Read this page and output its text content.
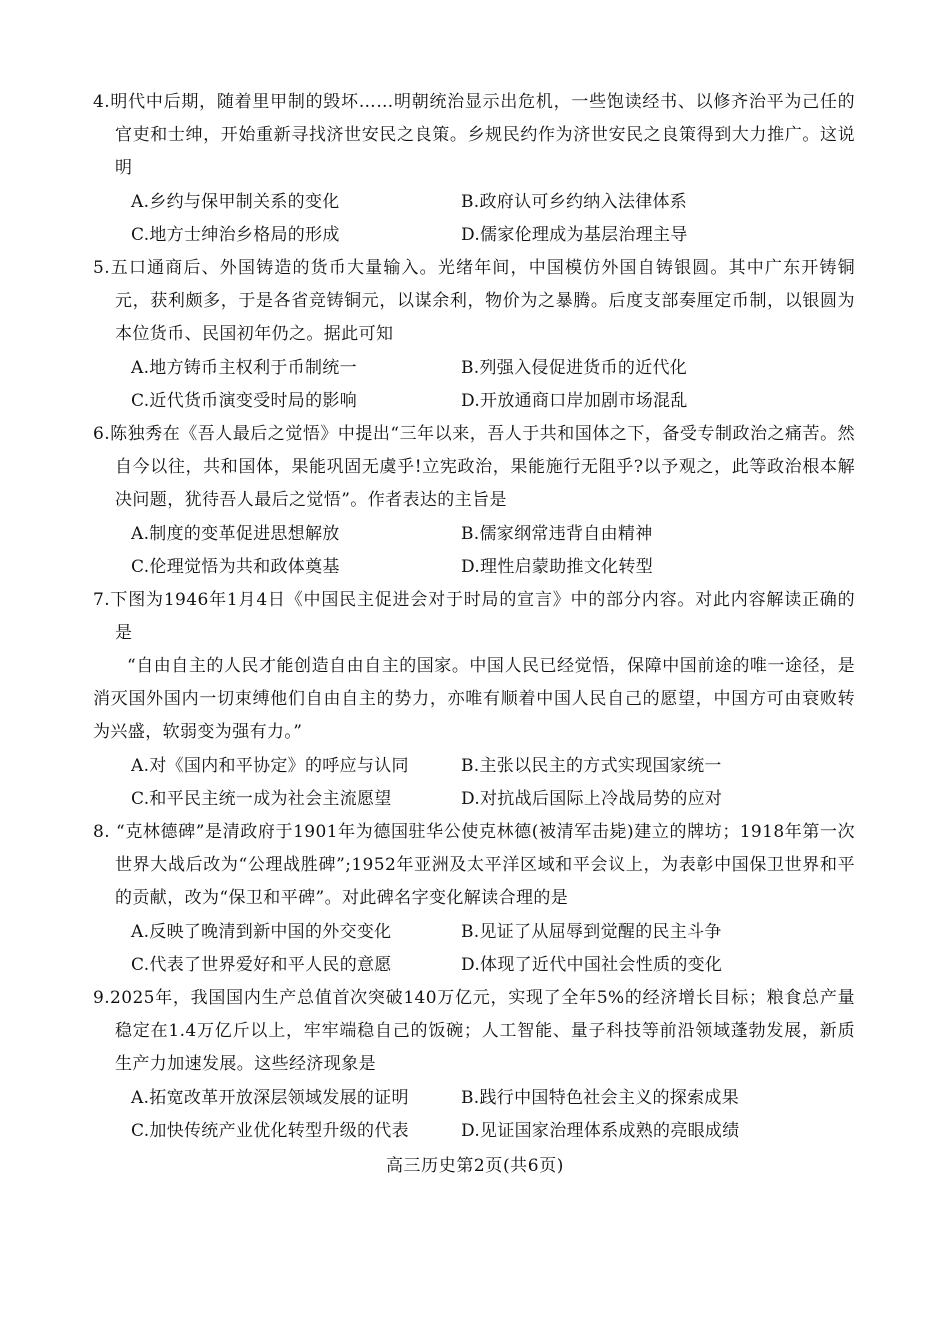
4.明代中后期，随着里甲制的毁坏……明朝统治显示出危机，一些饱读经书、以修齐治平为己任的官吏和士绅，开始重新寻找济世安民之良策。乡规民约作为济世安民之良策得到大力推广。这说明
A.乡约与保甲制关系的变化	B.政府认可乡约纳入法律体系
C.地方士绅治乡格局的形成	D.儒家伦理成为基层治理主导
5.五口通商后、外国铸造的货币大量输入。光绪年间，中国模仿外国自铸银圆。其中广东开铸铜元，获利颇多，于是各省竞铸铜元，以谋余利，物价为之暴腾。后度支部奏厘定币制，以银圆为本位货币、民国初年仍之。据此可知
A.地方铸币主权利于币制统一	B.列强入侵促进货币的近代化
C.近代货币演变受时局的影响	D.开放通商口岸加剧市场混乱
6.陈独秀在《吾人最后之觉悟》中提出“三年以来，吾人于共和国体之下，备受专制政治之痛苦。然自今以往，共和国体，果能巩固无虞乎!立宪政治，果能施行无阻乎?以予观之，此等政治根本解决问题，犹待吾人最后之觉悟”。作者表达的主旨是
A.制度的变革促进思想解放	B.儒家纲常违背自由精神
C.伦理觉悟为共和政体奠基	D.理性启蒙助推文化转型
7.下图为1946年1月4日《中国民主促进会对于时局的宣言》中的部分内容。对此内容解读正确的是
“自由自主的人民才能创造自由自主的国家。中国人民已经觉悟，保障中国前途的唯一途径，是消灭国外国内一切束缚他们自由自主的势力，亦唯有顺着中国人民自己的愿望，中国方可由衰败转为兴盛，软弱变为强有力。”
A.对《国内和平协定》的呼应与认同	B.主张以民主的方式实现国家统一
C.和平民主统一成为社会主流愿望	D.对抗战后国际上冷战局势的应对
8. “克林德碑”是清政府于1901年为德国驻华公使克林德(被清军击毙)建立的牌坊；1918年第一次世界大战后改为“公理战胜碑”;1952年亚洲及太平洋区域和平会议上，为表彰中国保卫世界和平的贡献，改为“保卫和平碑”。对此碑名字变化解读合理的是
A.反映了晚清到新中国的外交变化	B.见证了从屈辱到觉醒的民主斗争
C.代表了世界爱好和平人民的意愿	D.体现了近代中国社会性质的变化
9.2025年，我国国内生产总值首次突破140万亿元，实现了全年5%的经济增长目标；粮食总产量稳定在1.4万亿斤以上，牢牢端稳自己的饭碗；人工智能、量子科技等前沿领域蓬勃发展，新质生产力加速发展。这些经济现象是
A.拓宽改革开放深层领域发展的证明	B.践行中国特色社会主义的探索成果
C.加快传统产业优化转型升级的代表	D.见证国家治理体系成熟的亮眼成绩
高三历史第2页(共6页)
